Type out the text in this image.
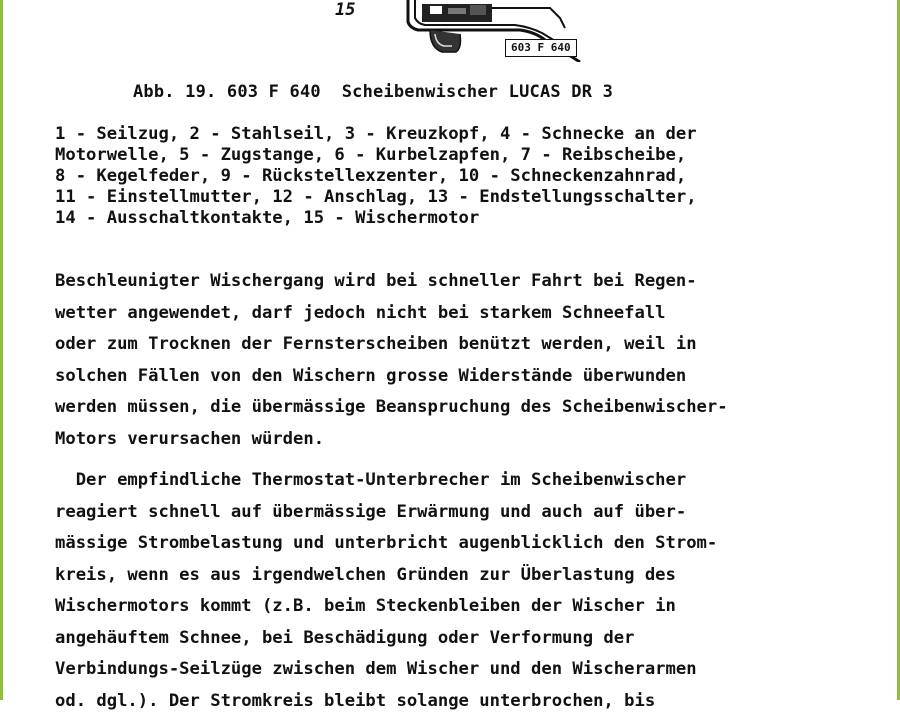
15
603 F 640
Abb. 19. 603 F 640  Scheibenwischer LUCAS DR 3
1 - Seilzug, 2 - Stahlseil, 3 - Kreuzkopf, 4 - Schnecke an der
Motorwelle, 5 - Zugstange, 6 - Kurbelzapfen, 7 - Reibscheibe,
8 - Kegelfeder, 9 - Rückstellexzenter, 10 - Schneckenzahnrad,
11 - Einstellmutter, 12 - Anschlag, 13 - Endstellungsschalter,
14 - Ausschaltkontakte, 15 - Wischermotor
Beschleunigter Wischergang wird bei schneller Fahrt bei Regen-
wetter angewendet, darf jedoch nicht bei starkem Schneefall
oder zum Trocknen der Fernsterscheiben benützt werden, weil in
solchen Fällen von den Wischern grosse Widerstände überwunden
werden müssen, die übermässige Beanspruchung des Scheibenwischer-
Motors verursachen würden.
Der empfindliche Thermostat-Unterbrecher im Scheibenwischer
reagiert schnell auf übermässige Erwärmung und auch auf über-
mässige Strombelastung und unterbricht augenblicklich den Strom-
kreis, wenn es aus irgendwelchen Gründen zur Überlastung des
Wischermotors kommt (z.B. beim Steckenbleiben der Wischer in
angehäuftem Schnee, bei Beschädigung oder Verformung der
Verbindungs-Seilzüge zwischen dem Wischer und den Wischerarmen
od. dgl.). Der Stromkreis bleibt solange unterbrochen, bis
